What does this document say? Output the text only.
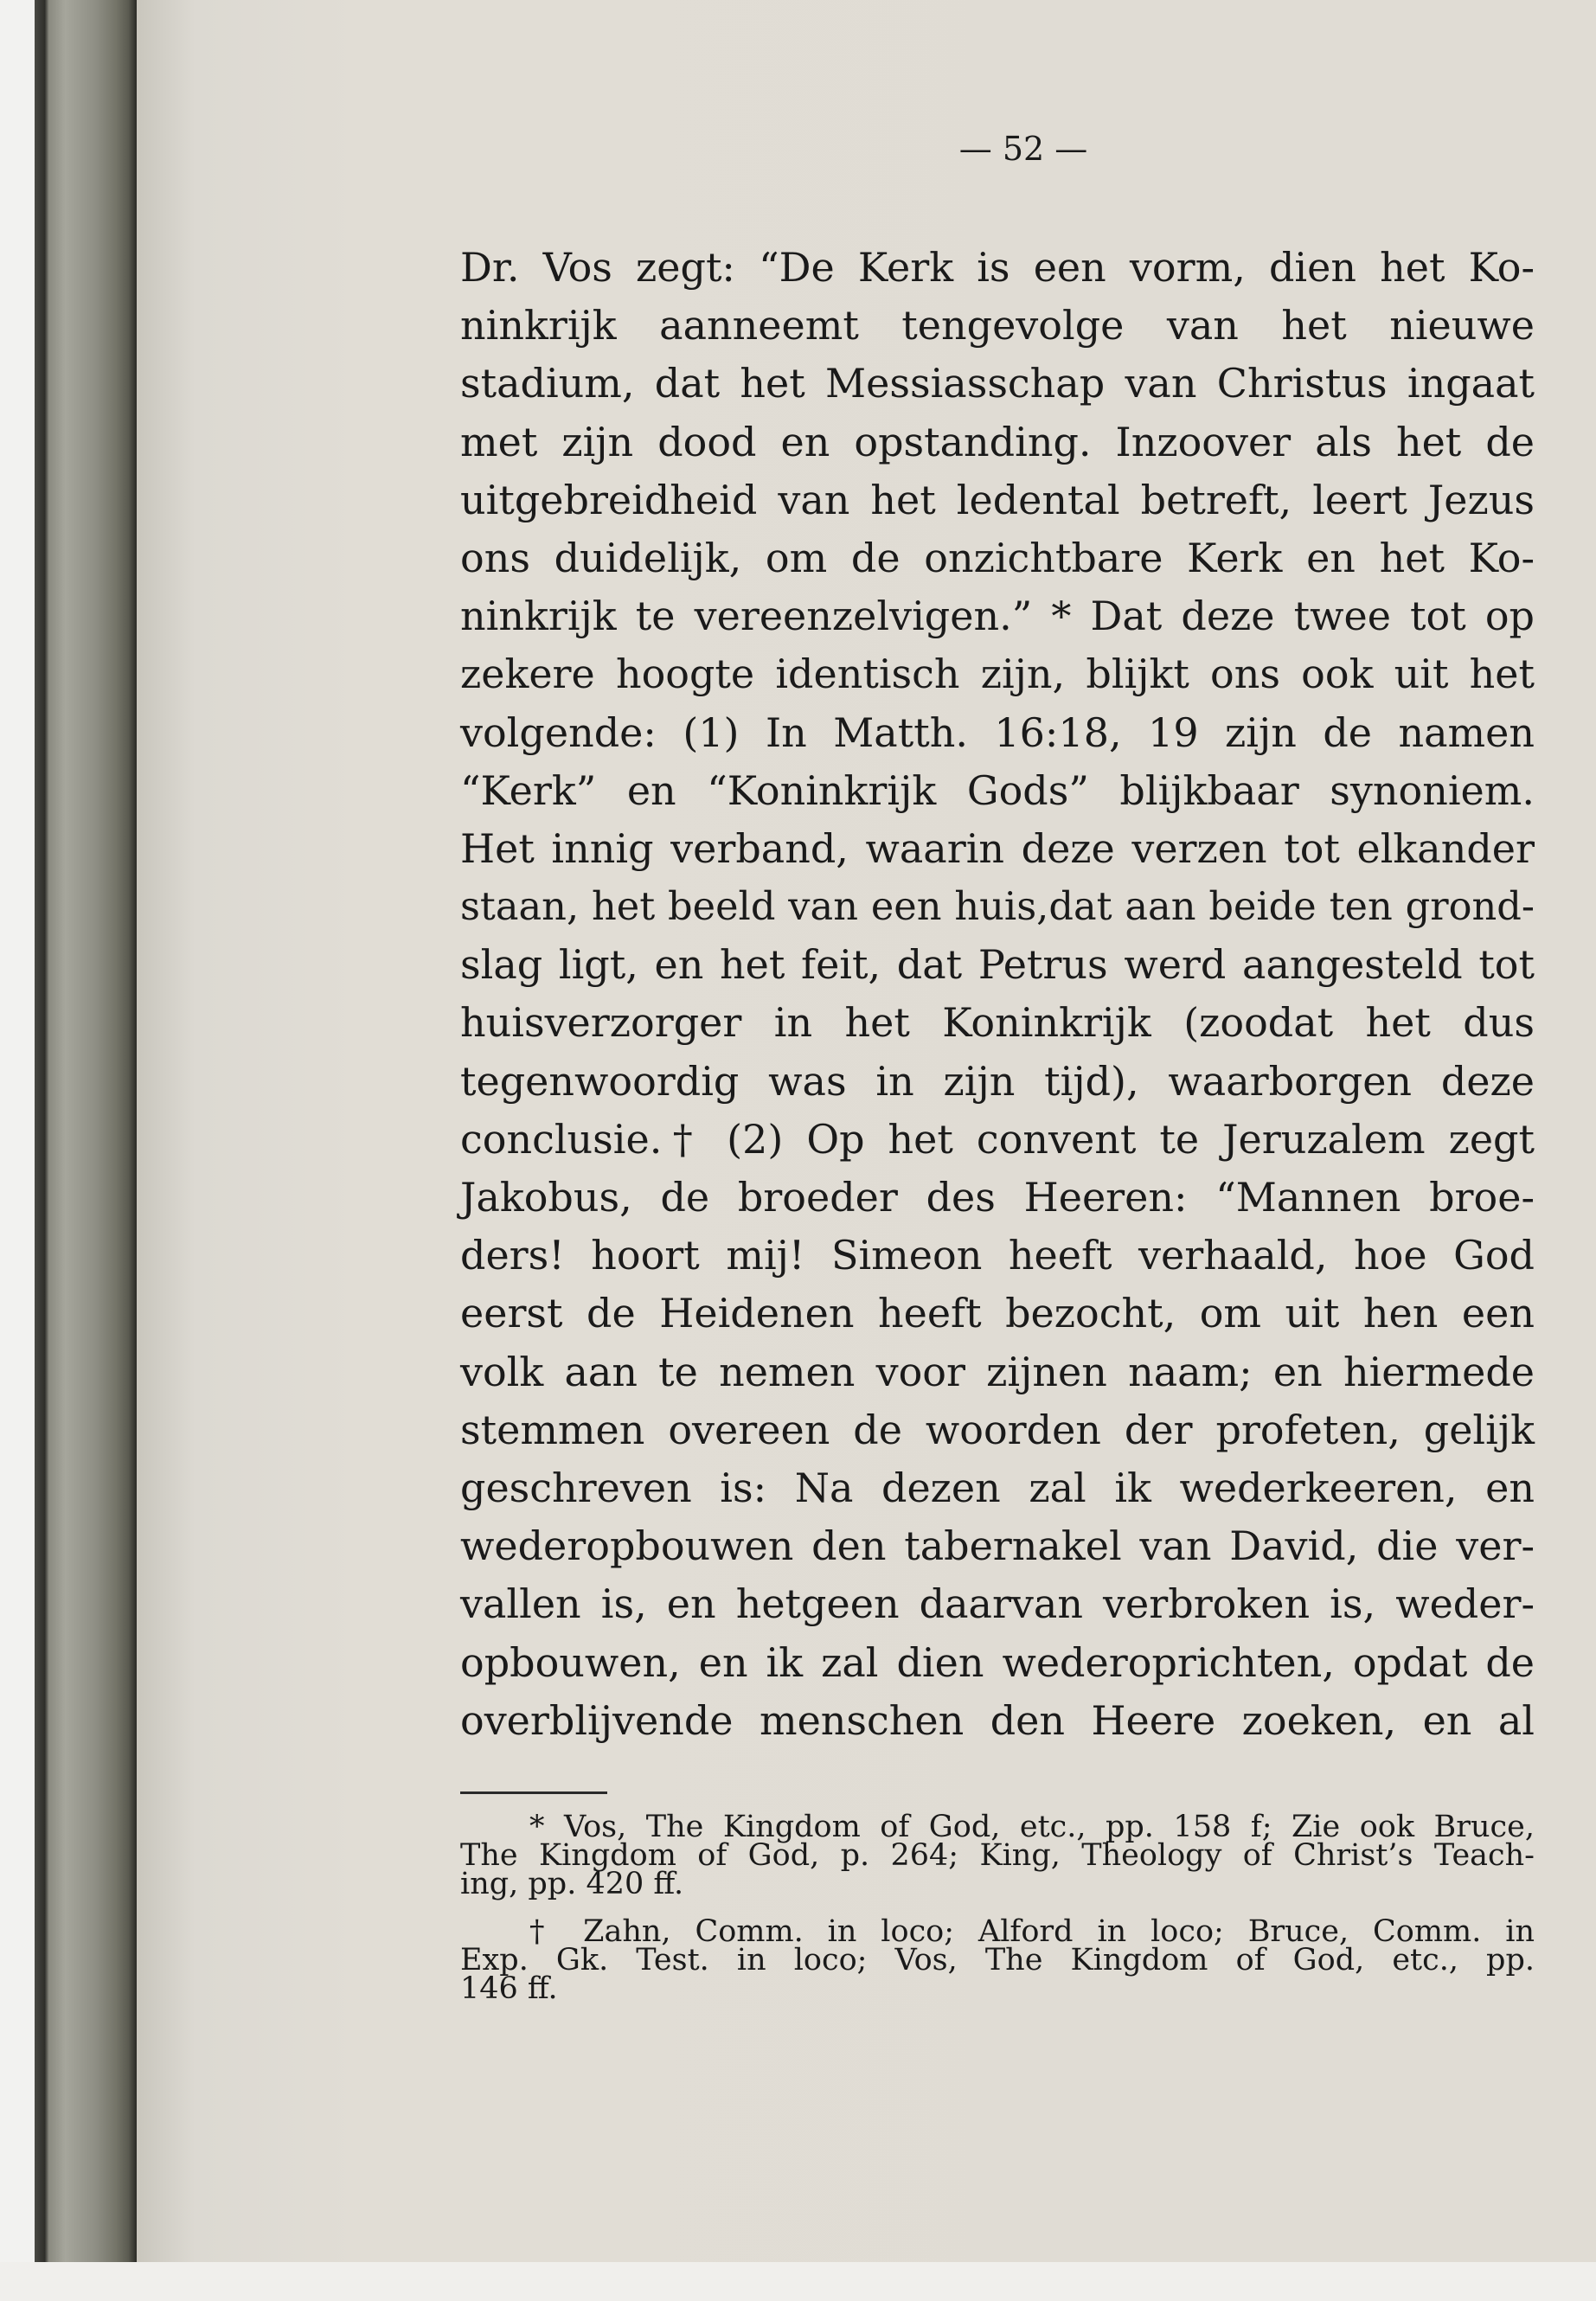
— 52 —
Dr. Vos zegt: “De Kerk is een vorm, dien het Ko-
ninkrijk aanneemt tengevolge van het nieuwe
stadium, dat het Messiasschap van Christus ingaat
met zijn dood en opstanding. Inzoover als het de
uitgebreidheid van het ledental betreft, leert Jezus
ons duidelijk, om de onzichtbare Kerk en het Ko-
ninkrijk te vereenzelvigen.” * Dat deze twee tot op
zekere hoogte identisch zijn, blijkt ons ook uit het
volgende: (1) In Matth. 16:18, 19 zijn de namen
“Kerk” en “Koninkrijk Gods” blijkbaar synoniem.
Het innig verband, waarin deze verzen tot elkander
staan, het beeld van een huis,dat aan beide ten grond-
slag ligt, en het feit, dat Petrus werd aangesteld tot
huisverzorger in het Koninkrijk (zoodat het dus
tegenwoordig was in zijn tijd), waarborgen deze
conclusie.† (2) Op het convent te Jeruzalem zegt
Jakobus, de broeder des Heeren: “Mannen broe-
ders! hoort mij! Simeon heeft verhaald, hoe God
eerst de Heidenen heeft bezocht, om uit hen een
volk aan te nemen voor zijnen naam; en hiermede
stemmen overeen de woorden der profeten, gelijk
geschreven is: Na dezen zal ik wederkeeren, en
wederopbouwen den tabernakel van David, die ver-
vallen is, en hetgeen daarvan verbroken is, weder-
opbouwen, en ik zal dien wederoprichten, opdat de
overblijvende menschen den Heere zoeken, en al
* Vos, The Kingdom of God, etc., pp. 158 f; Zie ook Bruce,
The Kingdom of God, p. 264; King, Theology of Christ’s Teach-
ing, pp. 420 ff.
† Zahn, Comm. in loco; Alford in loco; Bruce, Comm. in
Exp. Gk. Test. in loco; Vos, The Kingdom of God, etc., pp.
146 ff.
